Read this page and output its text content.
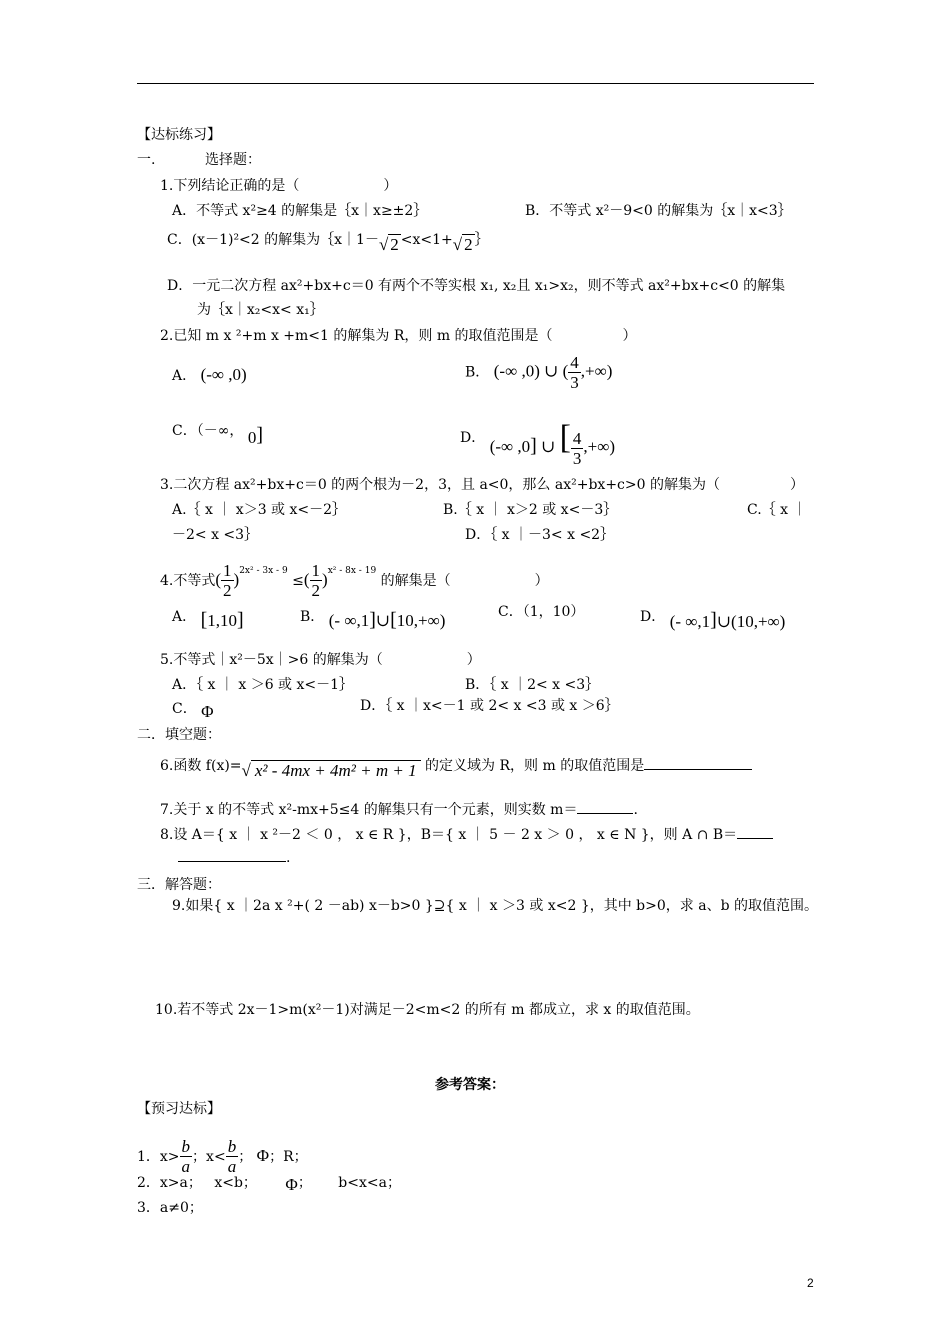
【达标练习】
一.	选择题：
1.下列结论正确的是（　　　　　　）
A．不等式 x²≥4 的解集是｛x｜x≥±2｝	B．不等式 x²－9<0 的解集为｛x｜x<3｝
C．(x－1)²<2 的解集为｛x｜1－√ 2 <x<1+√ 2 ｝
D．一元二次方程 ax²+bx+c＝0 有两个不等实根 x₁, x₂且 x₁>x₂，则不等式 ax²+bx+c<0 的解集
为｛x｜x₂<x< x₁｝
2.已知 m x ²+m x +m<1 的解集为 R，则 m 的取值范围是（　　　　　）
A． (-∞ ,0)	B． (-∞ ,0) ∪ ( $\frac{4}{3}$ ,+∞)
C．（－∞， 0]	D． (-∞ ,0] ∪ [ $\frac{4}{3}$ ,+∞)
3.二次方程 ax²+bx+c＝0 的两个根为－2，3，且 a<0，那么 ax²+bx+c>0 的解集为（　　　　　）
A.｛ x ｜ x＞3 或 x<－2｝	B.｛ x ｜ x＞2 或 x<－3｝	C.｛ x ｜
－2< x <3｝	D．｛ x ｜－3< x <2｝
4.不等式( $\frac{1}{2} )2x^2 - 3x - 9$ ≤( $\frac{1}{2} )x^2 - 8x - 19$ 的解集是（　　　　　　）
A． [1,10]	B． (- ∞,1]∪[10,+∞)	C．（1，10）	D． (- ∞,1]∪(10,+∞)
5.不等式｜x²－5x｜>6 的解集为（　　　　　　）
A．｛ x ｜ x ＞6 或 x<－1｝	B．｛ x ｜2< x <3｝
C． Φ	D．｛ x ｜x<－1 或 2< x <3 或 x ＞6｝
二．填空题：
6.函数 f(x)=√ x² - 4mx + 4m² + m + 1 的定义域为 R，则 m 的取值范围是
7.关于 x 的不等式 x²-mx+5≤4 的解集只有一个元素，则实数 m＝	.
8.设 A＝{ x ｜ x ²－2 ＜ 0 ， x ∈ R }，B＝{ x ｜ 5 － 2 x ＞ 0 ， x ∈ N }，则 A ∩ B＝
.
三．解答题：
9.如果{ x ｜2a x ²+( 2 －ab) x－b>0 }⊇{ x ｜ x ＞3 或 x<2 }，其中 b>0，求 a、b 的取值范围。
10.若不等式 2x－1>m(x²－1)对满足－2<m<2 的所有 m 都成立，求 x 的取值范围。
参考答案：
【预习达标】
1．$x> \frac{b}{a}$ ；$x< \frac{b}{a}$ ； Φ；R；
2．x>a； x<b； Φ； b<x<a；
3．a≠0；
2
